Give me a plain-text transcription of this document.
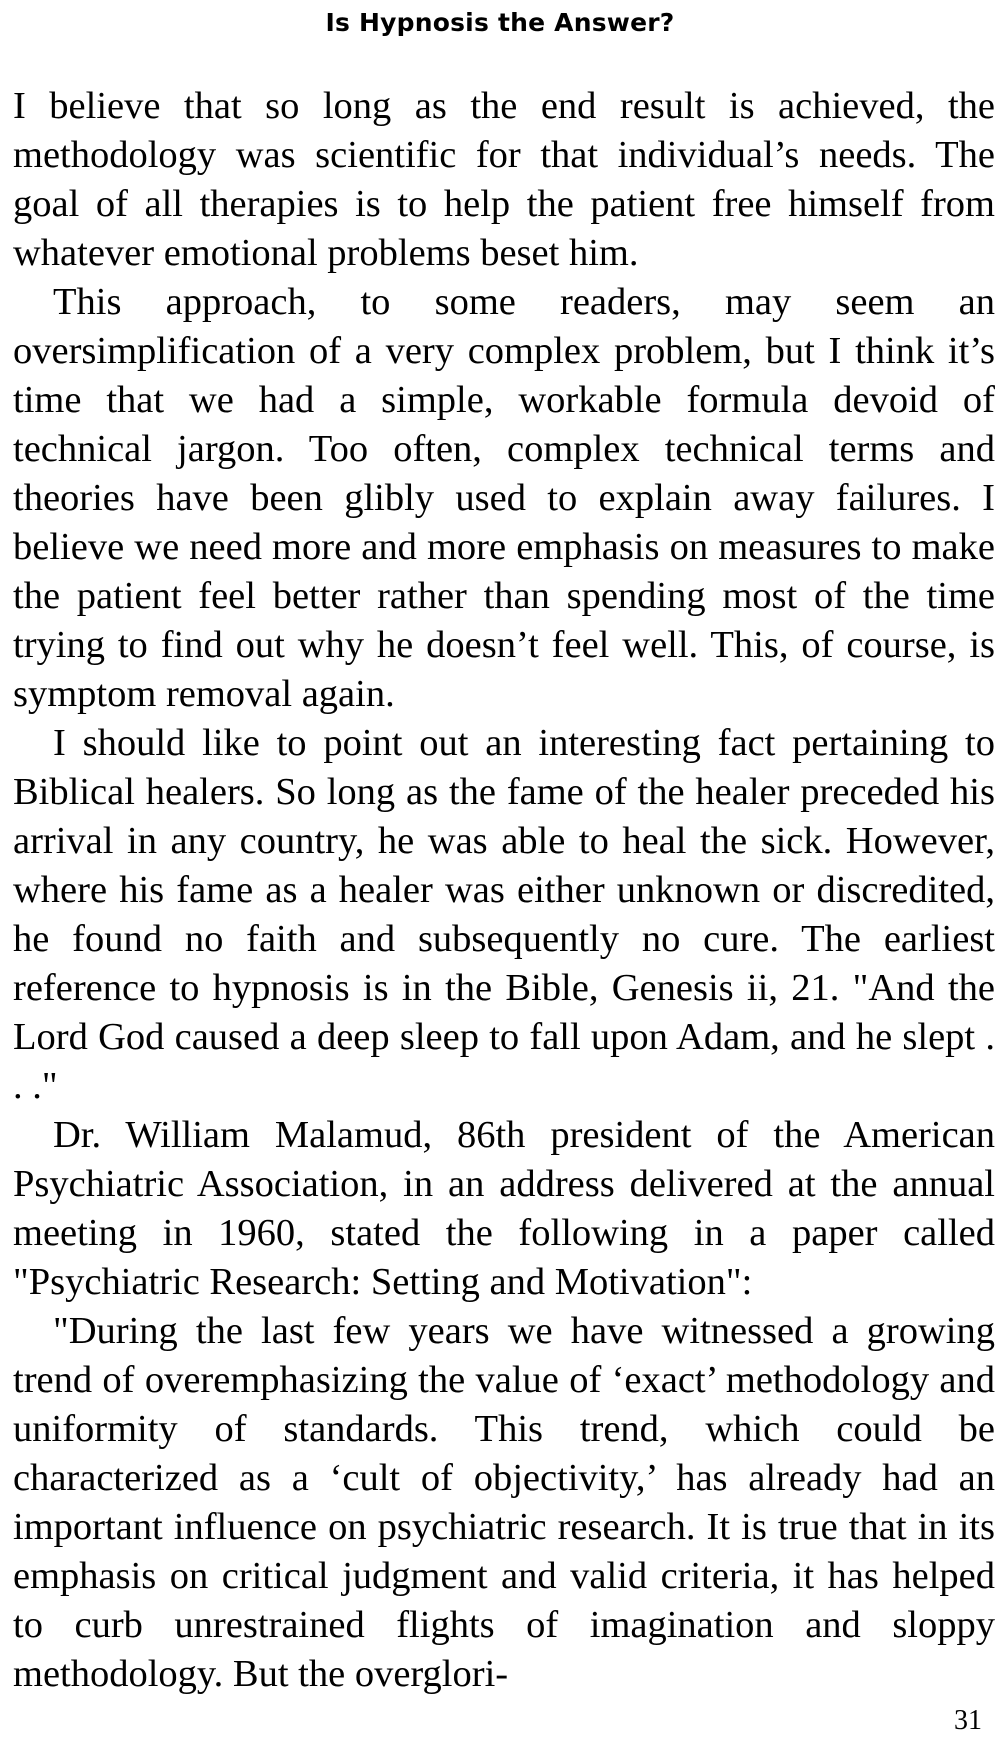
Is Hypnosis the Answer?

I believe that so long as the end result is achieved, the methodology was scientific for that individual’s needs. The goal of all therapies is to help the patient free himself from whatever emotional problems beset him.

This approach, to some readers, may seem an oversimplification of a very complex problem, but I think it’s time that we had a simple, workable formula devoid of technical jargon. Too often, complex technical terms and theories have been glibly used to explain away failures. I believe we need more and more emphasis on measures to make the patient feel better rather than spending most of the time trying to find out why he doesn’t feel well. This, of course, is symptom removal again.

I should like to point out an interesting fact pertaining to Biblical healers. So long as the fame of the healer preceded his arrival in any country, he was able to heal the sick. However, where his fame as a healer was either unknown or discredited, he found no faith and subsequently no cure. The earliest reference to hypnosis is in the Bible, Genesis ii, 21. "And the Lord God caused a deep sleep to fall upon Adam, and he slept . . ."

Dr. William Malamud, 86th president of the American Psychiatric Association, in an address delivered at the annual meeting in 1960, stated the following in a paper called "Psychiatric Research: Setting and Motivation":

"During the last few years we have witnessed a growing trend of overemphasizing the value of ‘exact’ methodology and uniformity of standards. This trend, which could be characterized as a ‘cult of objectivity,’ has already had an important influence on psychiatric research. It is true that in its emphasis on critical judgment and valid criteria, it has helped to curb unrestrained flights of imagination and sloppy methodology. But the overglori-

31
